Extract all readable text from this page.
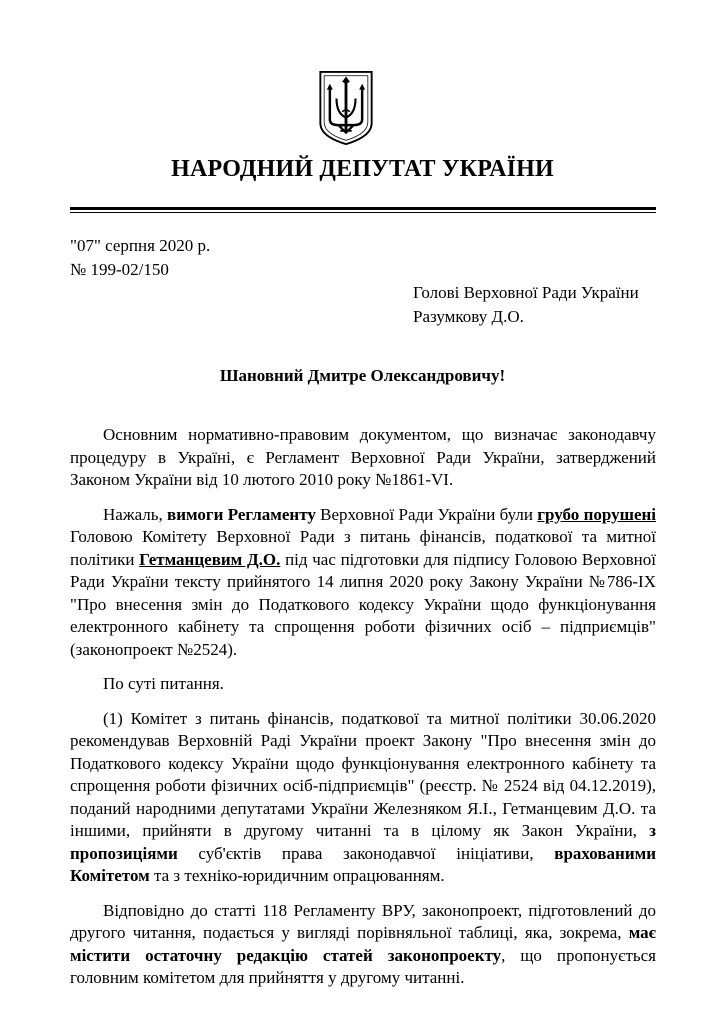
НАРОДНИЙ ДЕПУТАТ УКРАЇНИ
"07" серпня 2020 р.
№ 199-02/150
Голові Верховної Ради України
Разумкову Д.О.
Шановний Дмитре Олександровичу!

Основним нормативно-правовим документом, що визначає законодавчу процедуру в Україні, є Регламент Верховної Ради України, затверджений Законом України від 10 лютого 2010 року №1861-VI.

Нажаль, вимоги Регламенту Верховної Ради України були грубо порушені Головою Комітету Верховної Ради з питань фінансів, податкової та митної політики Гетманцевим Д.О. під час підготовки для підпису Головою Верховної Ради України тексту прийнятого 14 липня 2020 року Закону України №786-ІХ "Про внесення змін до Податкового кодексу України щодо функціонування електронного кабінету та спрощення роботи фізичних осіб – підприємців" (законопроект №2524).

По суті питання.

(1) Комітет з питань фінансів, податкової та митної політики 30.06.2020 рекомендував Верховній Раді України проект Закону "Про внесення змін до Податкового кодексу України щодо функціонування електронного кабінету та спрощення роботи фізичних осіб-підприємців" (реєстр. № 2524 від 04.12.2019), поданий народними депутатами України Железняком Я.І., Гетманцевим Д.О. та іншими, прийняти в другому читанні та в цілому як Закон України, з пропозиціями суб'єктів права законодавчої ініціативи, врахованими Комітетом та з техніко-юридичним опрацюванням.

Відповідно до статті 118 Регламенту ВРУ, законопроект, підготовлений до другого читання, подається у вигляді порівняльної таблиці, яка, зокрема, має містити остаточну редакцію статей законопроекту, що пропонується головним комітетом для прийняття у другому читанні.
